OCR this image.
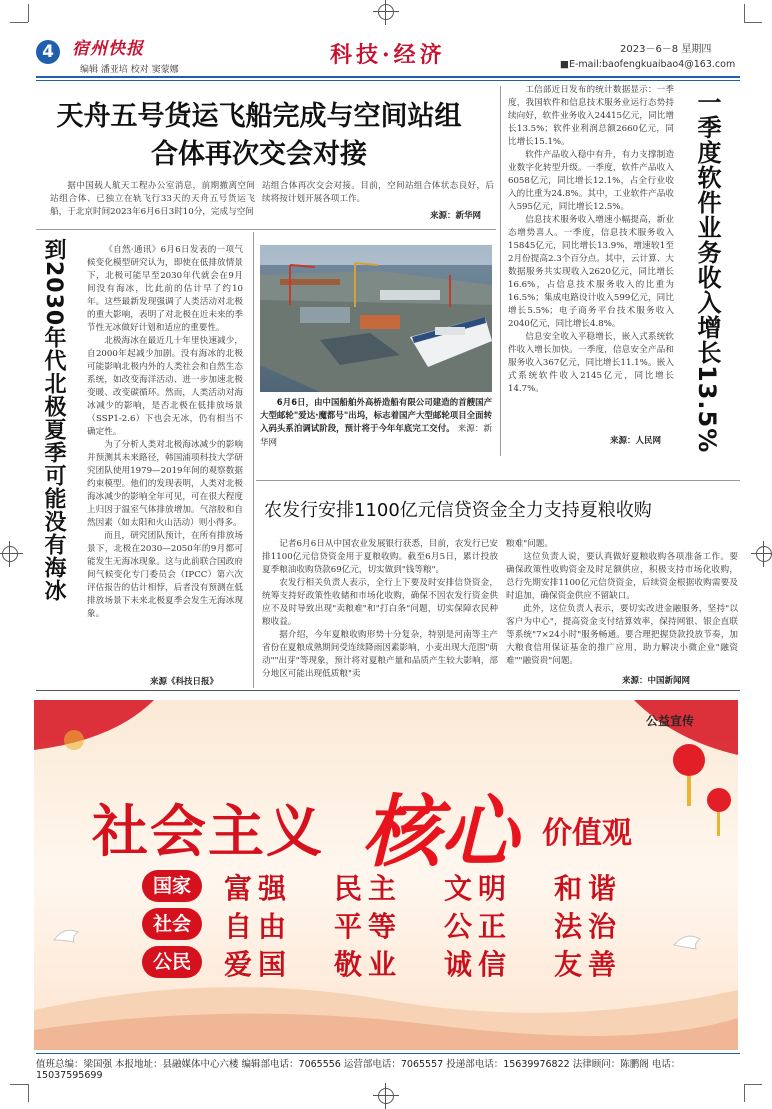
4	宿州快报
编辑 潘亚培 校对 窦蒙娜
科技·经济	2023－6－8 星期四
■E-mail:baofengkuaibao4@163.com
天舟五号货运飞船完成与空间站组
合体再次交会对接

据中国载人航天工程办公室消息，前期撤离空间站组合体、已独立在轨飞行33天的天舟五号货运飞船，于北京时间2023年6月6日3时10分，完成与空间

站组合体再次交会对接。目前，空间站组合体状态良好，后续将按计划开展各项工作。

来源：新华网
到2030年代北极夏季可能没有海冰	《自然·通讯》6月6日发表的一项气候变化模型研究认为，即使在低排放情景下，北极可能早至2030年代就会在9月间没有海冰，比此前的估计早了约10年。这些最新发现强调了人类活动对北极的重大影响，表明了对北极在近未来的季节性无冰做好计划和适应的重要性。

北极海冰在最近几十年里快速减少，自2000年起减少加剧。没有海冰的北极可能影响北极内外的人类社会和自然生态系统，如改变海洋活动、进一步加速北极变暖、改变碳循环。然而，人类活动对海冰减少的影响，是否北极在低排放场景（SSP1-2.6）下也会无冰，仍有相当不确定性。

为了分析人类对北极海冰减少的影响并预测其未来路径，韩国浦项科技大学研究团队使用1979—2019年间的观察数据约束模型。他们的发现表明，人类对北极海冰减少的影响全年可见，可在很大程度上归因于温室气体排放增加。气溶胶和自然因素（如太阳和火山活动）则小得多。

而且，研究团队预计，在所有排放场景下，北极在2030—2050年的9月都可能发生无海冰现象。这与此前联合国政府间气候变化专门委员会（IPCC）第六次评估报告的估计相悖，后者没有预测在低排放场景下未来北极夏季会发生无海冰现象。

来源《科技日报》
6月6日，由中国船舶外高桥造船有限公司建造的首艘国产大型邮轮"爱达·魔都号"出坞，标志着国产大型邮轮项目全面转入码头系泊调试阶段，预计将于今年年底完工交付。 来源：新华网

工信部近日发布的统计数据显示：一季度，我国软件和信息技术服务业运行态势持续向好，软件业务收入24415亿元，同比增长13.5%；软件业利润总额2660亿元，同比增长15.1%。

软件产品收入稳中有升，有力支撑制造业数字化转型升级。一季度，软件产品收入6058亿元，同比增长12.1%，占全行业收入的比重为24.8%。其中，工业软件产品收入595亿元，同比增长12.5%。

信息技术服务收入增速小幅提高，新业态增势喜人。一季度，信息技术服务收入15845亿元，同比增长13.9%，增速较1至2月份提高2.3个百分点。其中，云计算、大数据服务共实现收入2620亿元，同比增长16.6%，占信息技术服务收入的比重为16.5%；集成电路设计收入599亿元，同比增长5.5%；电子商务平台技术服务收入2040亿元，同比增长4.8%。

信息安全收入平稳增长，嵌入式系统软件收入增长加快。一季度，信息安全产品和服务收入367亿元，同比增长11.1%。嵌入式系统软件收入2145亿元，同比增长14.7%。

来源：人民网 一季度软件业务收入增长13.5%
农发行安排1100亿元信贷资金全力支持夏粮收购

记者6月6日从中国农业发展银行获悉，目前，农发行已安排1100亿元信贷资金用于夏粮收购。截至6月5日，累计投放夏季粮油收购贷款69亿元，切实做到"钱等粮"。

农发行相关负责人表示，全行上下要及时安排信贷资金，统筹支持好政策性收储和市场化收购，确保不因农发行资金供应不及时导致出现"卖粮难"和"打白条"问题，切实保障农民种粮收益。

据介绍，今年夏粮收购形势十分复杂，特别是河南等主产省份在夏粮成熟期间受连续降雨因素影响，小麦出现大范围"萌动""出芽"等现象，预计将对夏粮产量和品质产生较大影响，部分地区可能出现低质粮"卖

粮难"问题。

这位负责人说，要认真做好夏粮收购各项准备工作。要确保政策性收购资金及时足额供应，积极支持市场化收购，总行先期安排1100亿元信贷资金，后续资金根据收购需要及时追加，确保资金供应不留缺口。

此外，这位负责人表示，要切实改进金融服务，坚持"以客户为中心"，提高资金支付结算效率，保持网银、银企直联等系统"7×24小时"服务畅通。要合理把握贷款投放节奏，加大粮食信用保证基金的推广应用，助力解决小微企业"融资难""融资贵"问题。

来源：中国新闻网
公益宣传
社会主义 核心 价值观
国家	富强 民主 文明 和谐
社会	自由 平等 公正 法治
公民	爱国 敬业 诚信 友善
值班总编：梁国强 本报地址：县融媒体中心六楼 编辑部电话：7065556 运营部电话：7065557 投递部电话：15639976822 法律顾问：陈鹏阁 电话：15037595699
